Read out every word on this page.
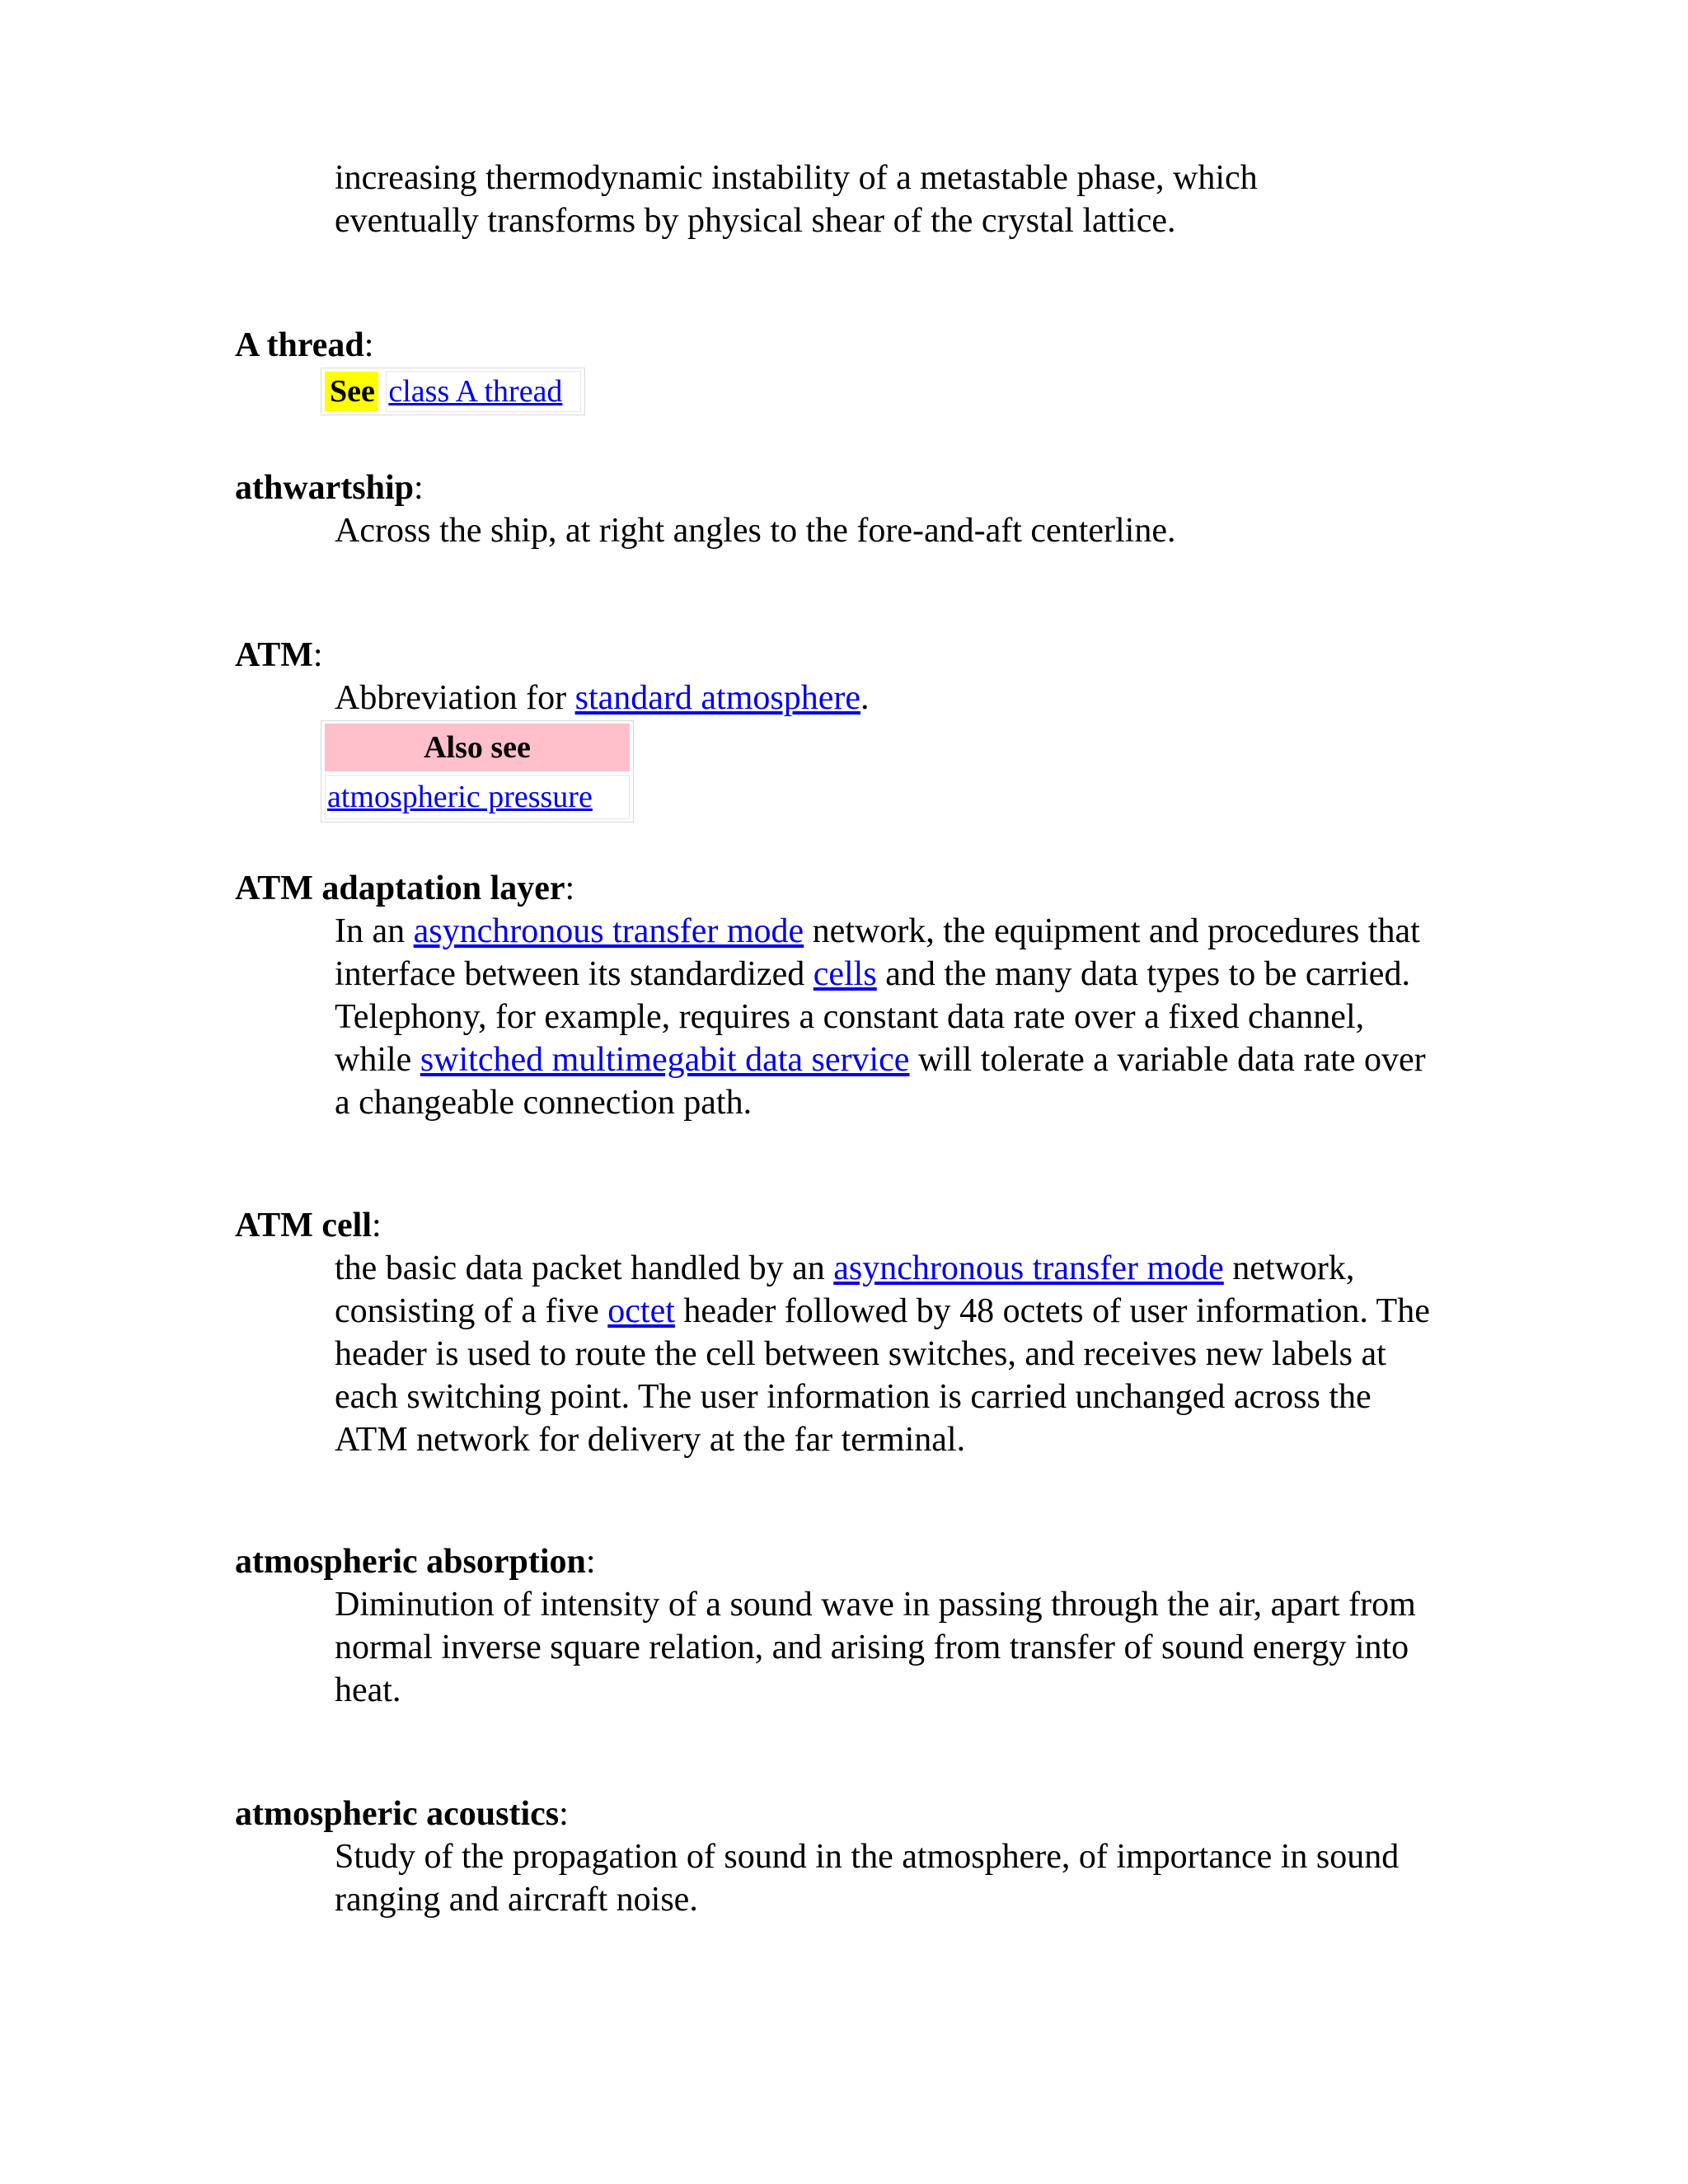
increasing thermodynamic instability of a metastable phase, which
eventually transforms by physical shear of the crystal lattice.
A thread:
See class A thread
athwartship:
Across the ship, at right angles to the fore-and-aft centerline.
ATM:
Abbreviation for standard atmosphere.
Also see
atmospheric pressure
ATM adaptation layer:
In an asynchronous transfer mode network, the equipment and procedures that interface between its standardized cells and the many data types to be carried. Telephony, for example, requires a constant data rate over a fixed channel, while switched multimegabit data service will tolerate a variable data rate over a changeable connection path.
ATM cell:
the basic data packet handled by an asynchronous transfer mode network, consisting of a five octet header followed by 48 octets of user information. The header is used to route the cell between switches, and receives new labels at each switching point. The user information is carried unchanged across the ATM network for delivery at the far terminal.
atmospheric absorption:
Diminution of intensity of a sound wave in passing through the air, apart from normal inverse square relation, and arising from transfer of sound energy into heat.
atmospheric acoustics:
Study of the propagation of sound in the atmosphere, of importance in sound ranging and aircraft noise.
